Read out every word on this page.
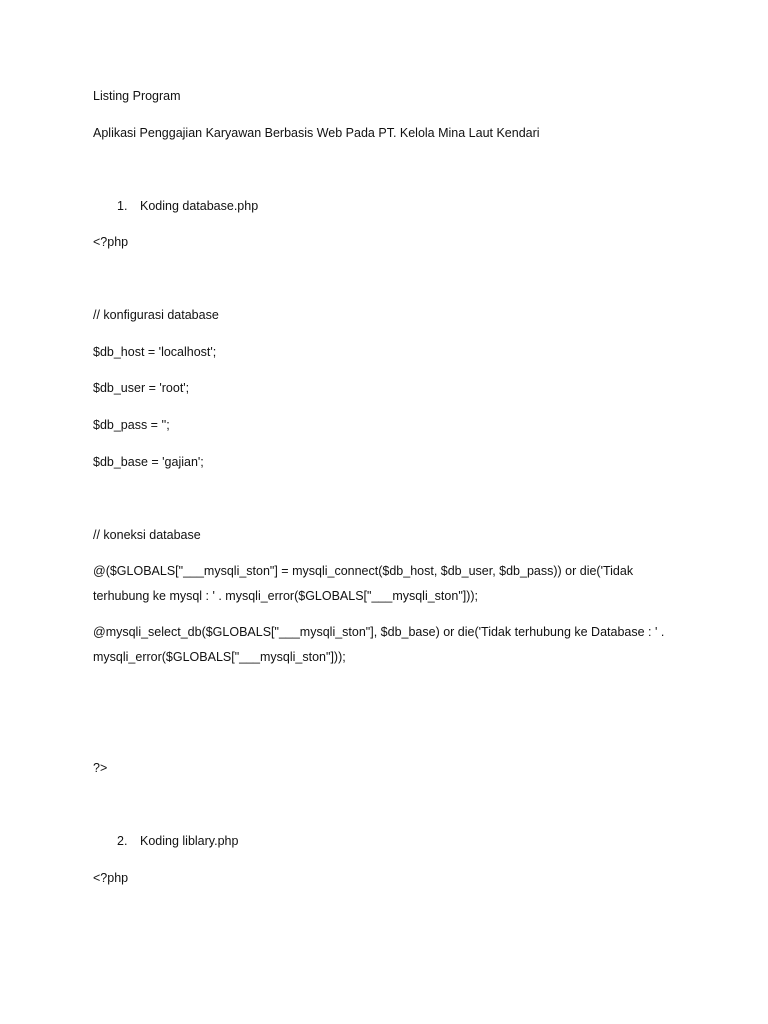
Listing Program
Aplikasi Penggajian Karyawan Berbasis Web Pada PT. Kelola Mina Laut Kendari
1. Koding database.php
<?php
// konfigurasi database
$db_host = 'localhost';
$db_user = 'root';
$db_pass = '';
$db_base = 'gajian';
// koneksi database
@($GLOBALS["___mysqli_ston"] = mysqli_connect($db_host, $db_user, $db_pass)) or die('Tidak terhubung ke mysql : ' . mysqli_error($GLOBALS["___mysqli_ston"]));
@mysqli_select_db($GLOBALS["___mysqli_ston"], $db_base) or die('Tidak terhubung ke Database : ' . mysqli_error($GLOBALS["___mysqli_ston"]));
?>
2. Koding liblary.php
<?php
